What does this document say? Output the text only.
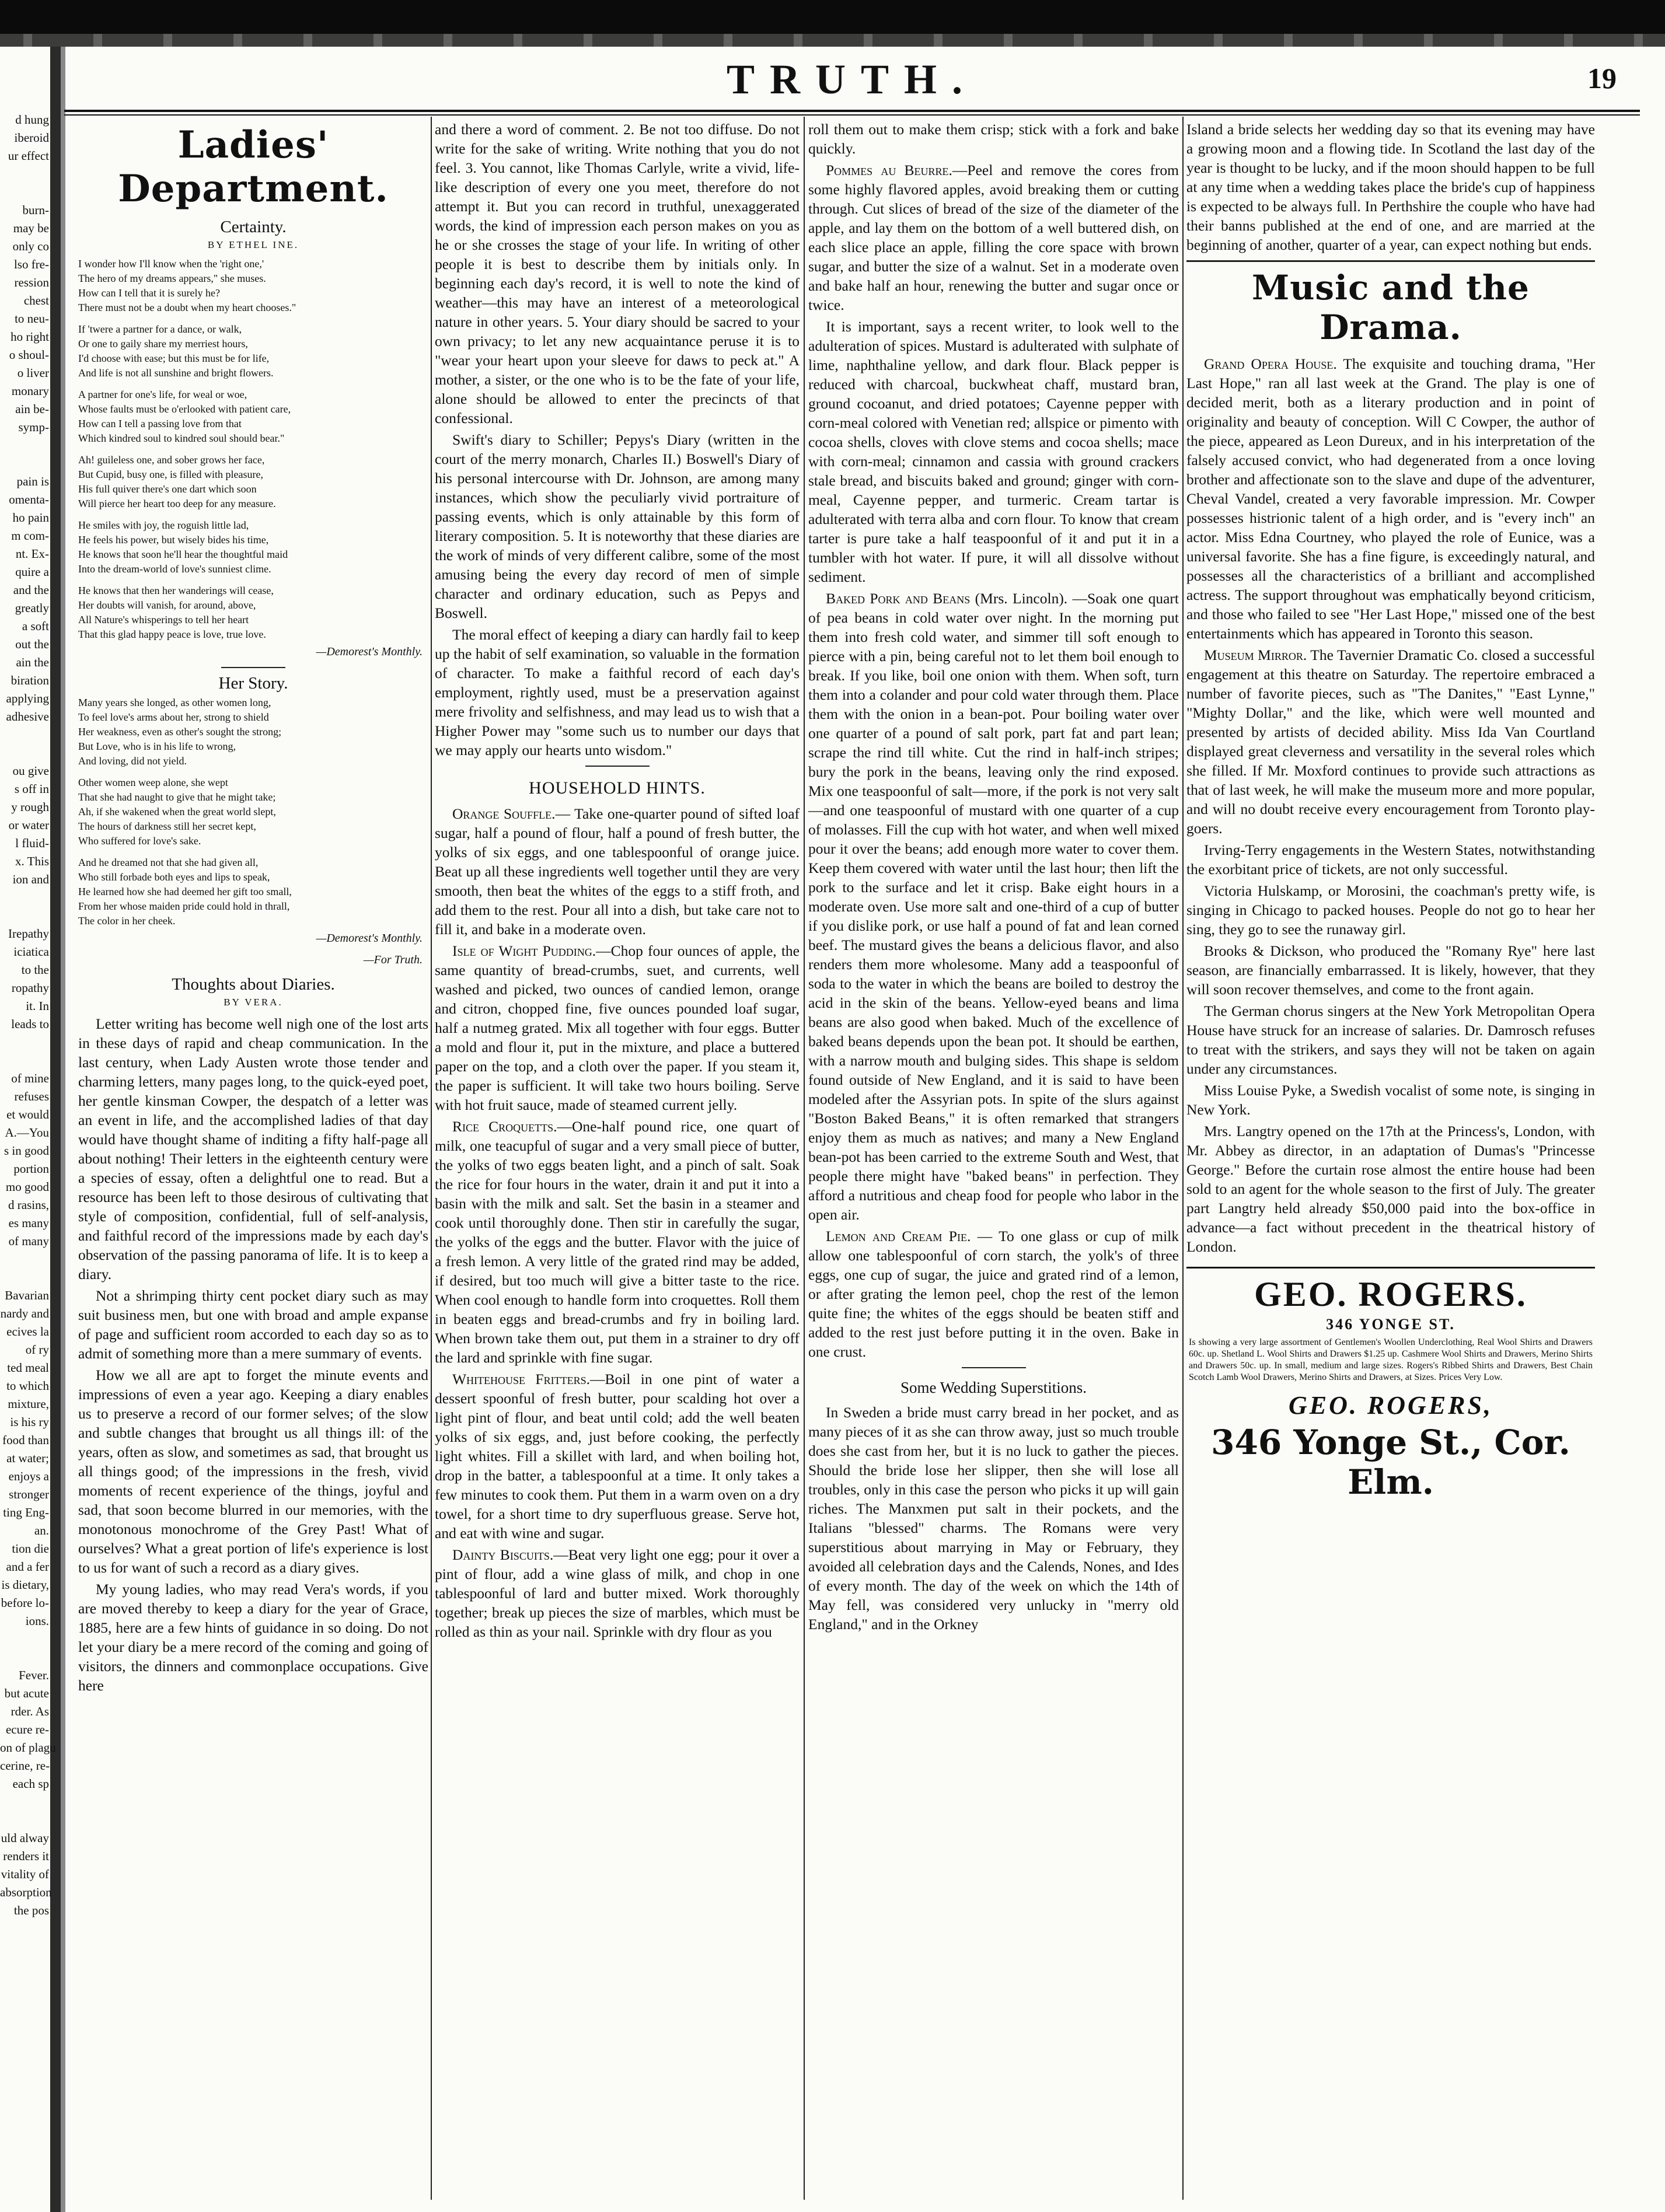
d hung

iberoid

ur effect

burn-

may be

only co

lso fre-

ression

chest

to neu-

ho right

o shoul-

o liver

monary

ain be-

symp-

pain is

omenta-

ho pain

m com-

nt. Ex-

quire a

and the

greatly

a soft

out the

ain the

biration

applying

adhesive

ou give

s off in

y rough

or water

l fluid-

x. This

ion and

Irepathy

iciatica

to the

ropathy

it. In

leads to

of mine

refuses

et would

A.—You

s in good

portion

mo good

d rasins,

es many

of many

Bavarian

nardy and

ecives la

of ry

ted meal

to which

mixture,

is his ry

food than

at water;

enjoys a

stronger

ting Eng-

an.

tion die

and a fer

is dietary,

before lo-

ions.

Fever.

but acute

rder. As

ecure re-

on of plagu

cerine, re-

each sp

uld alway

renders it

vitality of

absorption

the pos

TRUTH.	19
Ladies' Department.
Certainty.
BY ETHEL INE.

I wonder how I'll know when the 'right one,'

The hero of my dreams appears," she muses.

How can I tell that it is surely he?

There must not be a doubt when my heart chooses."

If 'twere a partner for a dance, or walk,

Or one to gaily share my merriest hours,

I'd choose with ease; but this must be for life,

And life is not all sunshine and bright flowers.

A partner for one's life, for weal or woe,

Whose faults must be o'erlooked with patient care,

How can I tell a passing love from that

Which kindred soul to kindred soul should bear."

Ah! guileless one, and sober grows her face,

But Cupid, busy one, is filled with pleasure,

His full quiver there's one dart which soon

Will pierce her heart too deep for any measure.

He smiles with joy, the roguish little lad,

He feels his power, but wisely bides his time,

He knows that soon he'll hear the thoughtful maid

Into the dream-world of love's sunniest clime.

He knows that then her wanderings will cease,

Her doubts will vanish, for around, above,

All Nature's whisperings to tell her heart

That this glad happy peace is love, true love.

—Demorest's Monthly.
Her Story.

Many years she longed, as other women long,

To feel love's arms about her, strong to shield

Her weakness, even as other's sought the strong;

But Love, who is in his life to wrong,

And loving, did not yield.

Other women weep alone, she wept

That she had naught to give that he might take;

Ah, if she wakened when the great world slept,

The hours of darkness still her secret kept,

Who suffered for love's sake.

And he dreamed not that she had given all,

Who still forbade both eyes and lips to speak,

He learned how she had deemed her gift too small,

From her whose maiden pride could hold in thrall,

The color in her cheek.

—Demorest's Monthly.
—For Truth.
Thoughts about Diaries.
BY VERA.

Letter writing has become well nigh one of the lost arts in these days of rapid and cheap communication. In the last century, when Lady Austen wrote those tender and charming letters, many pages long, to the quick-eyed poet, her gentle kinsman Cowper, the despatch of a letter was an event in life, and the accomplished ladies of that day would have thought shame of inditing a fifty half-page all about nothing! Their letters in the eighteenth century were a species of essay, often a delightful one to read. But a resource has been left to those desirous of cultivating that style of composition, confidential, full of self-analysis, and faithful record of the impressions made by each day's observation of the passing panorama of life. It is to keep a diary.

Not a shrimping thirty cent pocket diary such as may suit business men, but one with broad and ample expanse of page and sufficient room accorded to each day so as to admit of something more than a mere summary of events.

How we all are apt to forget the minute events and impressions of even a year ago. Keeping a diary enables us to preserve a record of our former selves; of the slow and subtle changes that brought us all things ill: of the years, often as slow, and sometimes as sad, that brought us all things good; of the impressions in the fresh, vivid moments of recent experience of the things, joyful and sad, that soon become blurred in our memories, with the monotonous monochrome of the Grey Past! What of ourselves? What a great portion of life's experience is lost to us for want of such a record as a diary gives.

My young ladies, who may read Vera's words, if you are moved thereby to keep a diary for the year of Grace, 1885, here are a few hints of guidance in so doing. Do not let your diary be a mere record of the coming and going of visitors, the dinners and commonplace occupations. Give here

and there a word of comment. 2. Be not too diffuse. Do not write for the sake of writing. Write nothing that you do not feel. 3. You cannot, like Thomas Carlyle, write a vivid, life-like description of every one you meet, therefore do not attempt it. But you can record in truthful, unexaggerated words, the kind of impression each person makes on you as he or she crosses the stage of your life. In writing of other people it is best to describe them by initials only. In beginning each day's record, it is well to note the kind of weather—this may have an interest of a meteorological nature in other years. 5. Your diary should be sacred to your own privacy; to let any new acquaintance peruse it is to "wear your heart upon your sleeve for daws to peck at." A mother, a sister, or the one who is to be the fate of your life, alone should be allowed to enter the precincts of that confessional.

Swift's diary to Schiller; Pepys's Diary (written in the court of the merry monarch, Charles II.) Boswell's Diary of his personal intercourse with Dr. Johnson, are among many instances, which show the peculiarly vivid portraiture of passing events, which is only attainable by this form of literary composition. 5. It is noteworthy that these diaries are the work of minds of very different calibre, some of the most amusing being the every day record of men of simple character and ordinary education, such as Pepys and Boswell.

The moral effect of keeping a diary can hardly fail to keep up the habit of self examination, so valuable in the formation of character. To make a faithful record of each day's employment, rightly used, must be a preservation against mere frivolity and selfishness, and may lead us to wish that a Higher Power may "some such us to number our days that we may apply our hearts unto wisdom."

HOUSEHOLD HINTS.

Orange Souffle.— Take one-quarter pound of sifted loaf sugar, half a pound of flour, half a pound of fresh butter, the yolks of six eggs, and one tablespoonful of orange juice. Beat up all these ingredients well together until they are very smooth, then beat the whites of the eggs to a stiff froth, and add them to the rest. Pour all into a dish, but take care not to fill it, and bake in a moderate oven.

Isle of Wight Pudding.—Chop four ounces of apple, the same quantity of bread-crumbs, suet, and currents, well washed and picked, two ounces of candied lemon, orange and citron, chopped fine, five ounces pounded loaf sugar, half a nutmeg grated. Mix all together with four eggs. Butter a mold and flour it, put in the mixture, and place a buttered paper on the top, and a cloth over the paper. If you steam it, the paper is sufficient. It will take two hours boiling. Serve with hot fruit sauce, made of steamed current jelly.

Rice Croquetts.—One-half pound rice, one quart of milk, one teacupful of sugar and a very small piece of butter, the yolks of two eggs beaten light, and a pinch of salt. Soak the rice for four hours in the water, drain it and put it into a basin with the milk and salt. Set the basin in a steamer and cook until thoroughly done. Then stir in carefully the sugar, the yolks of the eggs and the butter. Flavor with the juice of a fresh lemon. A very little of the grated rind may be added, if desired, but too much will give a bitter taste to the rice. When cool enough to handle form into croquettes. Roll them in beaten eggs and bread-crumbs and fry in boiling lard. When brown take them out, put them in a strainer to dry off the lard and sprinkle with fine sugar.

Whitehouse Fritters.—Boil in one pint of water a dessert spoonful of fresh butter, pour scalding hot over a light pint of flour, and beat until cold; add the well beaten yolks of six eggs, and, just before cooking, the perfectly light whites. Fill a skillet with lard, and when boiling hot, drop in the batter, a tablespoonful at a time. It only takes a few minutes to cook them. Put them in a warm oven on a dry towel, for a short time to dry superfluous grease. Serve hot, and eat with wine and sugar.

Dainty Biscuits.—Beat very light one egg; pour it over a pint of flour, add a wine glass of milk, and chop in one tablespoonful of lard and butter mixed. Work thoroughly together; break up pieces the size of marbles, which must be rolled as thin as your nail. Sprinkle with dry flour as you

roll them out to make them crisp; stick with a fork and bake quickly.

Pommes au Beurre.—Peel and remove the cores from some highly flavored apples, avoid breaking them or cutting through. Cut slices of bread of the size of the diameter of the apple, and lay them on the bottom of a well buttered dish, on each slice place an apple, filling the core space with brown sugar, and butter the size of a walnut. Set in a moderate oven and bake half an hour, renewing the butter and sugar once or twice.

It is important, says a recent writer, to look well to the adulteration of spices. Mustard is adulterated with sulphate of lime, naphthaline yellow, and dark flour. Black pepper is reduced with charcoal, buckwheat chaff, mustard bran, ground cocoanut, and dried potatoes; Cayenne pepper with corn-meal colored with Venetian red; allspice or pimento with cocoa shells, cloves with clove stems and cocoa shells; mace with corn-meal; cinnamon and cassia with ground crackers stale bread, and biscuits baked and ground; ginger with corn-meal, Cayenne pepper, and turmeric. Cream tartar is adulterated with terra alba and corn flour. To know that cream tarter is pure take a half teaspoonful of it and put it in a tumbler with hot water. If pure, it will all dissolve without sediment.

Baked Pork and Beans (Mrs. Lincoln). —Soak one quart of pea beans in cold water over night. In the morning put them into fresh cold water, and simmer till soft enough to pierce with a pin, being careful not to let them boil enough to break. If you like, boil one onion with them. When soft, turn them into a colander and pour cold water through them. Place them with the onion in a bean-pot. Pour boiling water over one quarter of a pound of salt pork, part fat and part lean; scrape the rind till white. Cut the rind in half-inch stripes; bury the pork in the beans, leaving only the rind exposed. Mix one teaspoonful of salt—more, if the pork is not very salt—and one teaspoonful of mustard with one quarter of a cup of molasses. Fill the cup with hot water, and when well mixed pour it over the beans; add enough more water to cover them. Keep them covered with water until the last hour; then lift the pork to the surface and let it crisp. Bake eight hours in a moderate oven. Use more salt and one-third of a cup of butter if you dislike pork, or use half a pound of fat and lean corned beef. The mustard gives the beans a delicious flavor, and also renders them more wholesome. Many add a teaspoonful of soda to the water in which the beans are boiled to destroy the acid in the skin of the beans. Yellow-eyed beans and lima beans are also good when baked. Much of the excellence of baked beans depends upon the bean pot. It should be earthen, with a narrow mouth and bulging sides. This shape is seldom found outside of New England, and it is said to have been modeled after the Assyrian pots. In spite of the slurs against "Boston Baked Beans," it is often remarked that strangers enjoy them as much as natives; and many a New England bean-pot has been carried to the extreme South and West, that people there might have "baked beans" in perfection. They afford a nutritious and cheap food for people who labor in the open air.

Lemon and Cream Pie. — To one glass or cup of milk allow one tablespoonful of corn starch, the yolk's of three eggs, one cup of sugar, the juice and grated rind of a lemon, or after grating the lemon peel, chop the rest of the lemon quite fine; the whites of the eggs should be beaten stiff and added to the rest just before putting it in the oven. Bake in one crust.

Some Wedding Superstitions.

In Sweden a bride must carry bread in her pocket, and as many pieces of it as she can throw away, just so much trouble does she cast from her, but it is no luck to gather the pieces. Should the bride lose her slipper, then she will lose all troubles, only in this case the person who picks it up will gain riches. The Manxmen put salt in their pockets, and the Italians "blessed" charms. The Romans were very superstitious about marrying in May or February, they avoided all celebration days and the Calends, Nones, and Ides of every month. The day of the week on which the 14th of May fell, was considered very unlucky in "merry old England," and in the Orkney

Island a bride selects her wedding day so that its evening may have a growing moon and a flowing tide. In Scotland the last day of the year is thought to be lucky, and if the moon should happen to be full at any time when a wedding takes place the bride's cup of happiness is expected to be always full. In Perthshire the couple who have had their banns published at the end of one, and are married at the beginning of another, quarter of a year, can expect nothing but ends.

Music and the Drama.

Grand Opera House. The exquisite and touching drama, "Her Last Hope," ran all last week at the Grand. The play is one of decided merit, both as a literary production and in point of originality and beauty of conception. Will C Cowper, the author of the piece, appeared as Leon Dureux, and in his interpretation of the falsely accused convict, who had degenerated from a once loving brother and affectionate son to the slave and dupe of the adventurer, Cheval Vandel, created a very favorable impression. Mr. Cowper possesses histrionic talent of a high order, and is "every inch" an actor. Miss Edna Courtney, who played the role of Eunice, was a universal favorite. She has a fine figure, is exceedingly natural, and possesses all the characteristics of a brilliant and accomplished actress. The support throughout was emphatically beyond criticism, and those who failed to see "Her Last Hope," missed one of the best entertainments which has appeared in Toronto this season.

Museum Mirror. The Tavernier Dramatic Co. closed a successful engagement at this theatre on Saturday. The repertoire embraced a number of favorite pieces, such as "The Danites," "East Lynne," "Mighty Dollar," and the like, which were well mounted and presented by artists of decided ability. Miss Ida Van Courtland displayed great cleverness and versatility in the several roles which she filled. If Mr. Moxford continues to provide such attractions as that of last week, he will make the museum more and more popular, and will no doubt receive every encouragement from Toronto play-goers.

Irving-Terry engagements in the Western States, notwithstanding the exorbitant price of tickets, are not only successful.

Victoria Hulskamp, or Morosini, the coachman's pretty wife, is singing in Chicago to packed houses. People do not go to hear her sing, they go to see the runaway girl.

Brooks & Dickson, who produced the "Romany Rye" here last season, are financially embarrassed. It is likely, however, that they will soon recover themselves, and come to the front again.

The German chorus singers at the New York Metropolitan Opera House have struck for an increase of salaries. Dr. Damrosch refuses to treat with the strikers, and says they will not be taken on again under any circumstances.

Miss Louise Pyke, a Swedish vocalist of some note, is singing in New York.

Mrs. Langtry opened on the 17th at the Princess's, London, with Mr. Abbey as director, in an adaptation of Dumas's "Princesse George." Before the curtain rose almost the entire house had been sold to an agent for the whole season to the first of July. The greater part Langtry held already $50,000 paid into the box-office in advance—a fact without precedent in the theatrical history of London.

GEO. ROGERS.
346 YONGE ST.
Is showing a very large assortment of Gentlemen's Woollen Underclothing, Real Wool Shirts and Drawers 60c. up. Shetland L. Wool Shirts and Drawers $1.25 up. Cashmere Wool Shirts and Drawers, Merino Shirts and Drawers 50c. up. In small, medium and large sizes. Rogers's Ribbed Shirts and Drawers, Best Chain Scotch Lamb Wool Drawers, Merino Shirts and Drawers, at Sizes. Prices Very Low.
GEO. ROGERS,
346 Yonge St., Cor. Elm.
